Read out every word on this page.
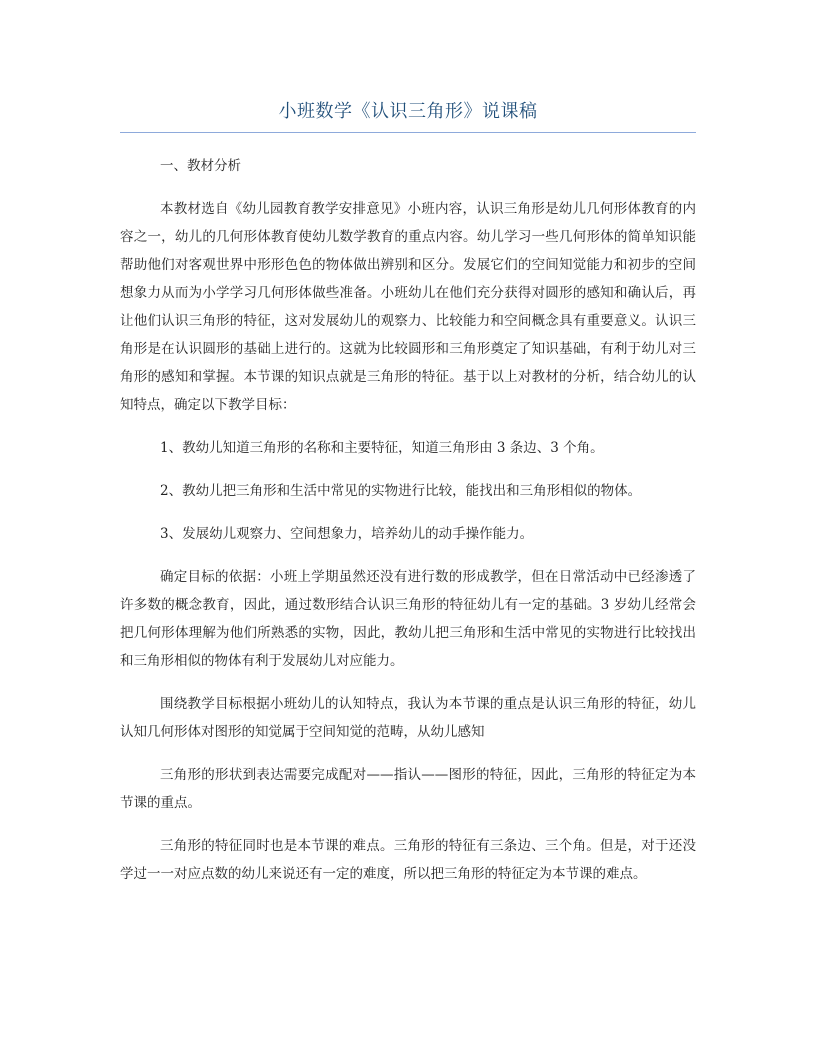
小班数学《认识三角形》说课稿
一、教材分析

本教材选自《幼儿园教育教学安排意见》小班内容，认识三角形是幼儿几何形体教育的内容之一，幼儿的几何形体教育使幼儿数学教育的重点内容。幼儿学习一些几何形体的简单知识能帮助他们对客观世界中形形色色的物体做出辨别和区分。发展它们的空间知觉能力和初步的空间想象力从而为小学学习几何形体做些准备。小班幼儿在他们充分获得对圆形的感知和确认后，再让他们认识三角形的特征，这对发展幼儿的观察力、比较能力和空间概念具有重要意义。认识三角形是在认识圆形的基础上进行的。这就为比较圆形和三角形奠定了知识基础，有利于幼儿对三角形的感知和掌握。本节课的知识点就是三角形的特征。基于以上对教材的分析，结合幼儿的认知特点，确定以下教学目标：

1、教幼儿知道三角形的名称和主要特征，知道三角形由 3 条边、3 个角。
2、教幼儿把三角形和生活中常见的实物进行比较，能找出和三角形相似的物体。
3、发展幼儿观察力、空间想象力，培养幼儿的动手操作能力。

确定目标的依据：小班上学期虽然还没有进行数的形成教学，但在日常活动中已经渗透了许多数的概念教育，因此，通过数形结合认识三角形的特征幼儿有一定的基础。3 岁幼儿经常会把几何形体理解为他们所熟悉的实物，因此，教幼儿把三角形和生活中常见的实物进行比较找出和三角形相似的物体有利于发展幼儿对应能力。

围绕教学目标根据小班幼儿的认知特点，我认为本节课的重点是认识三角形的特征，幼儿认知几何形体对图形的知觉属于空间知觉的范畴，从幼儿感知

三角形的形状到表达需要完成配对——指认——图形的特征，因此，三角形的特征定为本节课的重点。

三角形的特征同时也是本节课的难点。三角形的特征有三条边、三个角。但是，对于还没学过一一对应点数的幼儿来说还有一定的难度，所以把三角形的特征定为本节课的难点。
